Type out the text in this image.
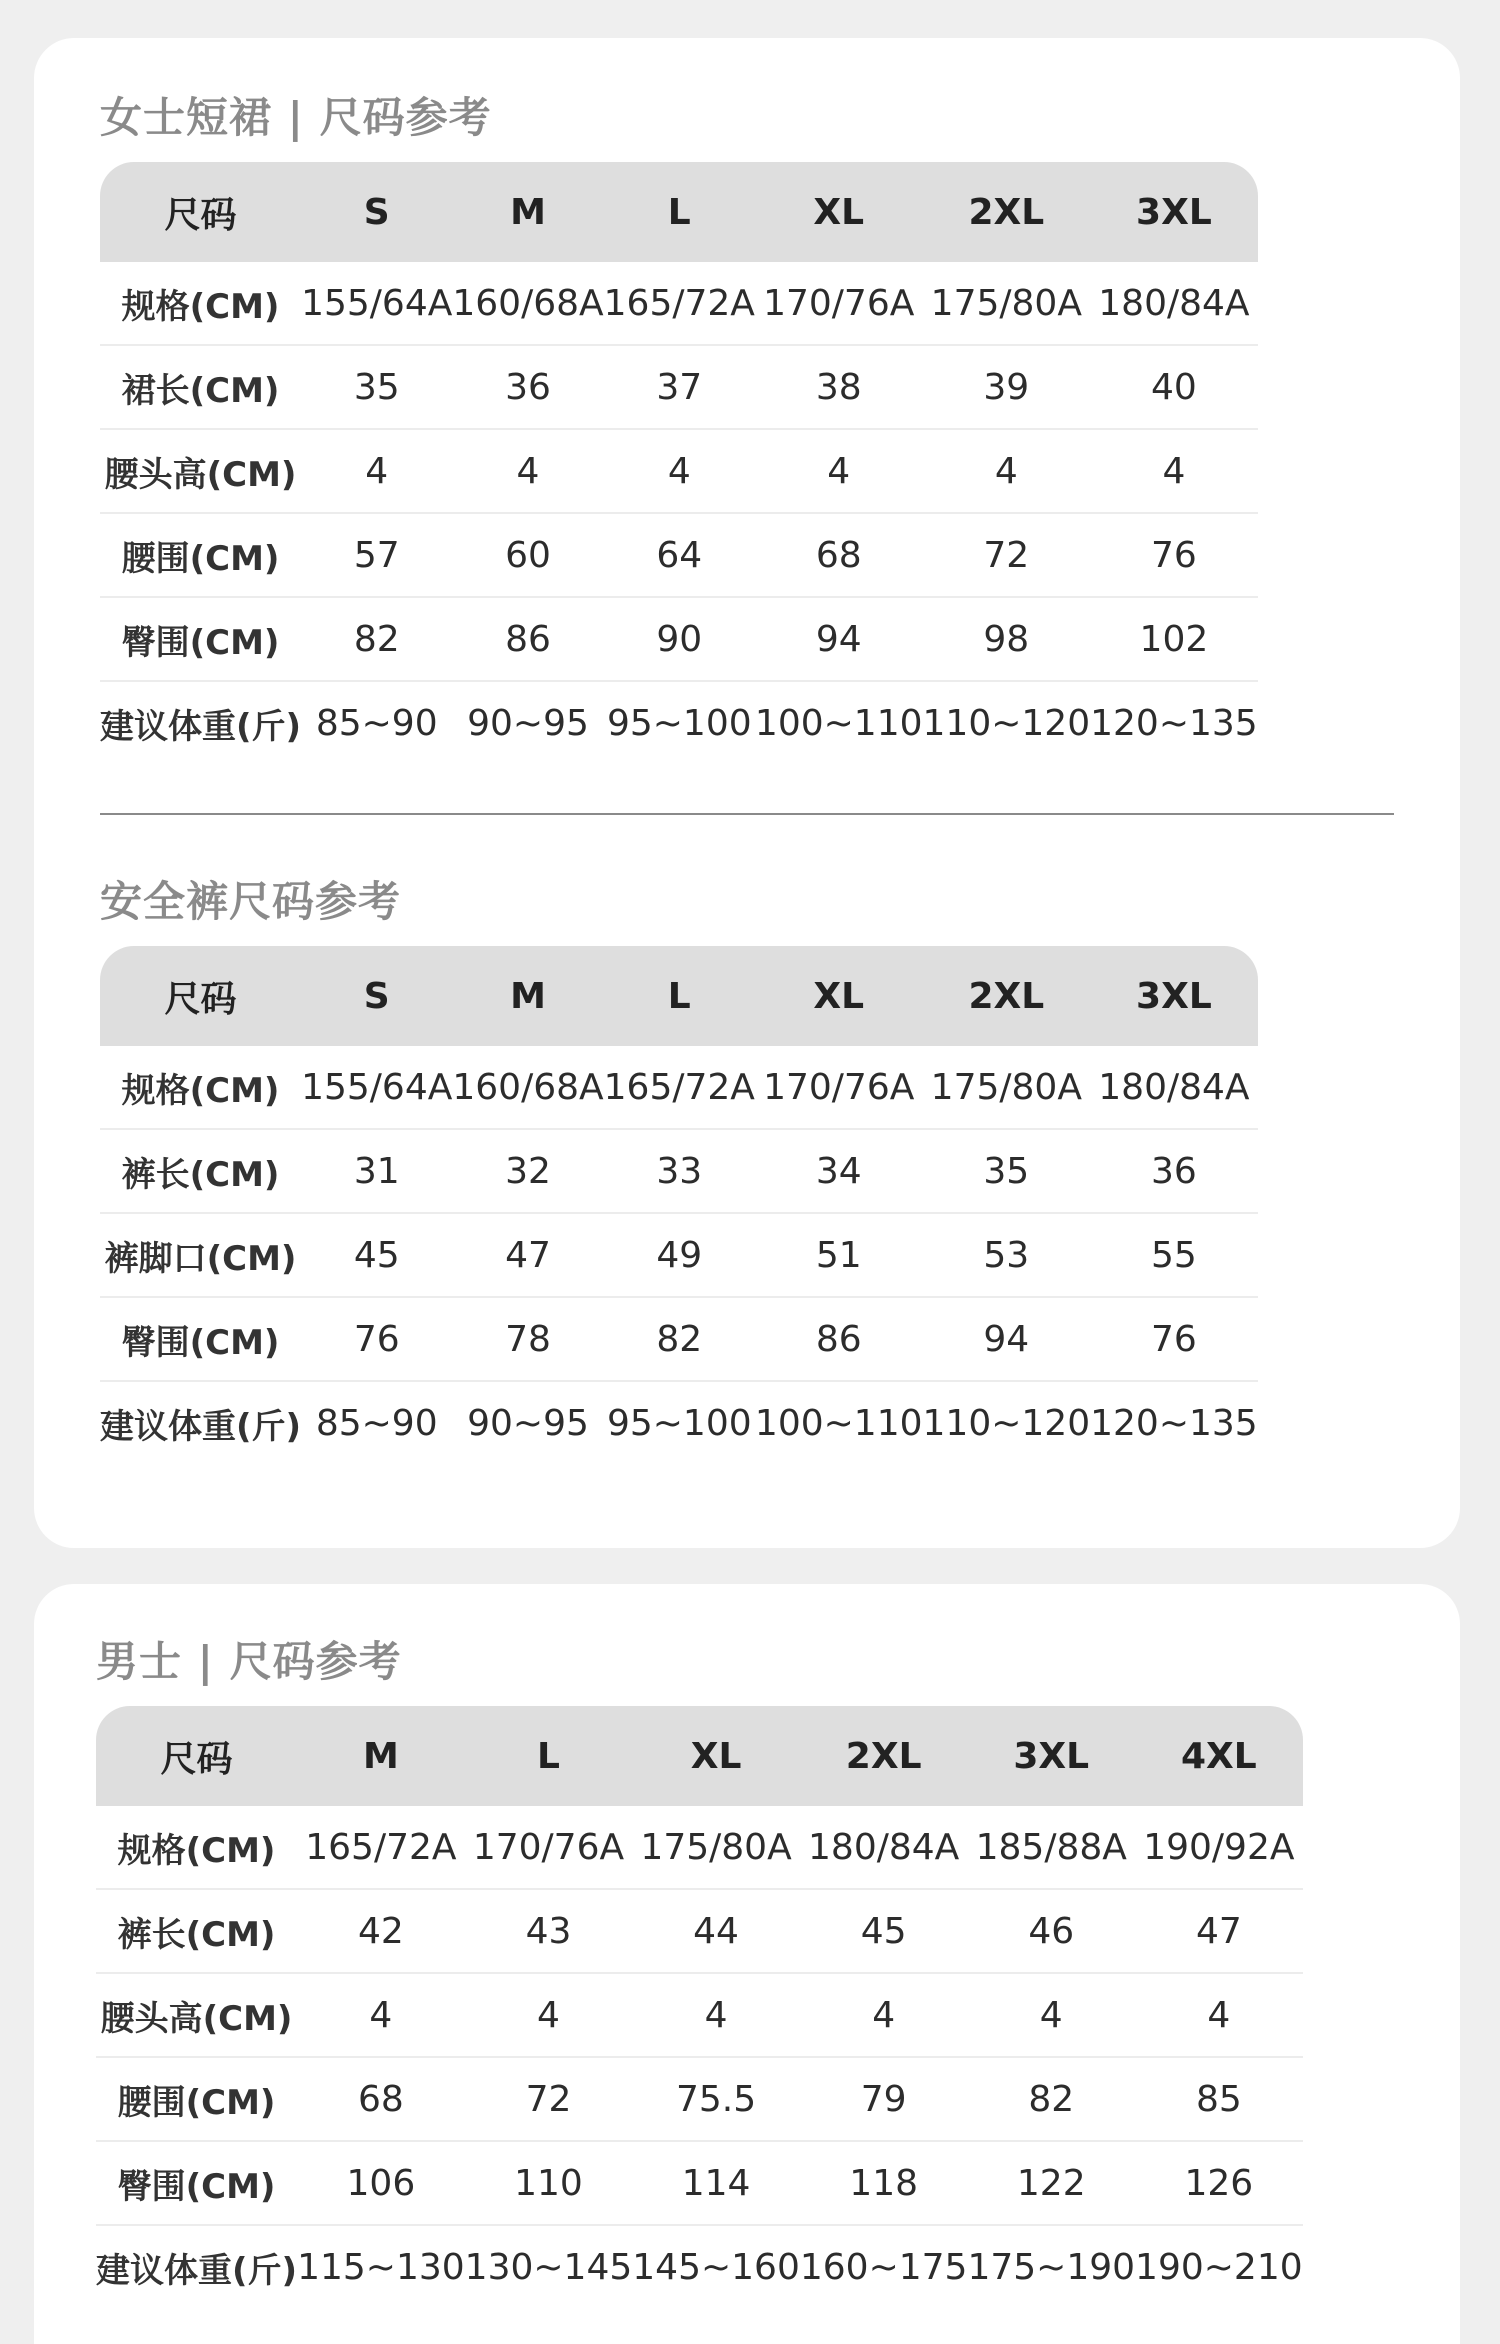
女士短裙 | 尺码参考
尺码	S	M	L	XL	2XL	3XL
规格(CM)	155/64A	160/68A	165/72A	170/76A	175/80A	180/84A
裙长(CM)	35	36	37	38	39	40
腰头高(CM)	4	4	4	4	4	4
腰围(CM)	57	60	64	68	72	76
臀围(CM)	82	86	90	94	98	102
建议体重(斤)	85~90	90~95	95~100	100~110	110~120	120~135
安全裤尺码参考
尺码	S	M	L	XL	2XL	3XL
规格(CM)	155/64A	160/68A	165/72A	170/76A	175/80A	180/84A
裤长(CM)	31	32	33	34	35	36
裤脚口(CM)	45	47	49	51	53	55
臀围(CM)	76	78	82	86	94	76
建议体重(斤)	85~90	90~95	95~100	100~110	110~120	120~135
男士 | 尺码参考
尺码	M	L	XL	2XL	3XL	4XL
规格(CM)	165/72A	170/76A	175/80A	180/84A	185/88A	190/92A
裤长(CM)	42	43	44	45	46	47
腰头高(CM)	4	4	4	4	4	4
腰围(CM)	68	72	75.5	79	82	85
臀围(CM)	106	110	114	118	122	126
建议体重(斤)	115~130	130~145	145~160	160~175	175~190	190~210
